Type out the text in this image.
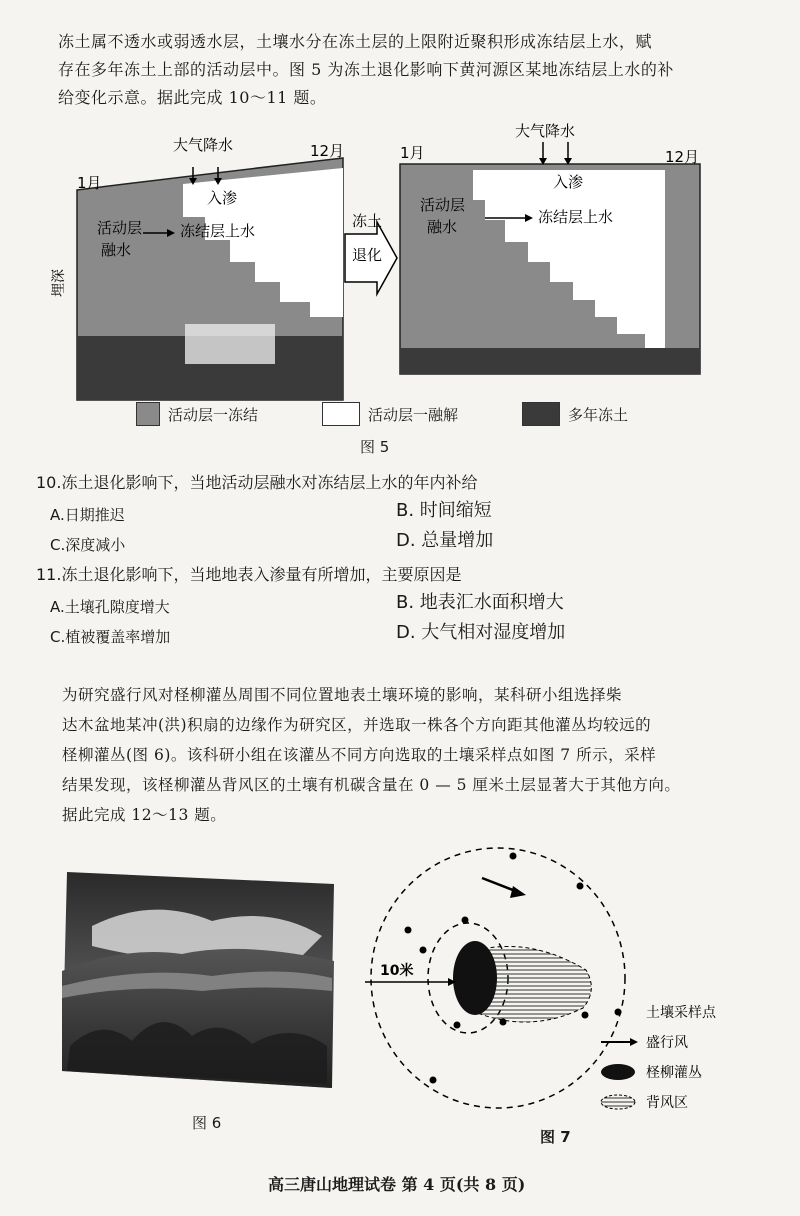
冻土属不透水或弱透水层，土壤水分在冻土层的上限附近聚积形成冻结层上水，赋
存在多年冻土上部的活动层中。图 5 为冻土退化影响下黄河源区某地冻结层上水的补
给变化示意。据此完成 10～11 题。
大气降水	12月
1月
入渗
活动层
融水
冻结层上水
埋深
冻土
退化
大气降水
1月	12月
入渗
活动层
融水
冻结层上水
活动层一冻结	活动层一融解	多年冻土
图 5
10.冻土退化影响下，当地活动层融水对冻结层上水的年内补给
A.日期推迟	B. 时间缩短
C.深度减小	D. 总量增加
11.冻土退化影响下，当地地表入渗量有所增加，主要原因是
A.土壤孔隙度增大	B. 地表汇水面积增大
C.植被覆盖率增加	D. 大气相对湿度增加
为研究盛行风对柽柳灌丛周围不同位置地表土壤环境的影响，某科研小组选择柴
达木盆地某冲(洪)积扇的边缘作为研究区，并选取一株各个方向距其他灌丛均较远的
柽柳灌丛(图 6)。该科研小组在该灌丛不同方向选取的土壤采样点如图 7 所示，采样
结果发现，该柽柳灌丛背风区的土壤有机碳含量在 0 — 5 厘米土层显著大于其他方向。
据此完成 12～13 题。
图 6
10米
土壤采样点
盛行风
柽柳灌丛
背风区
图 7
高三唐山地理试卷 第 4 页(共 8 页)
